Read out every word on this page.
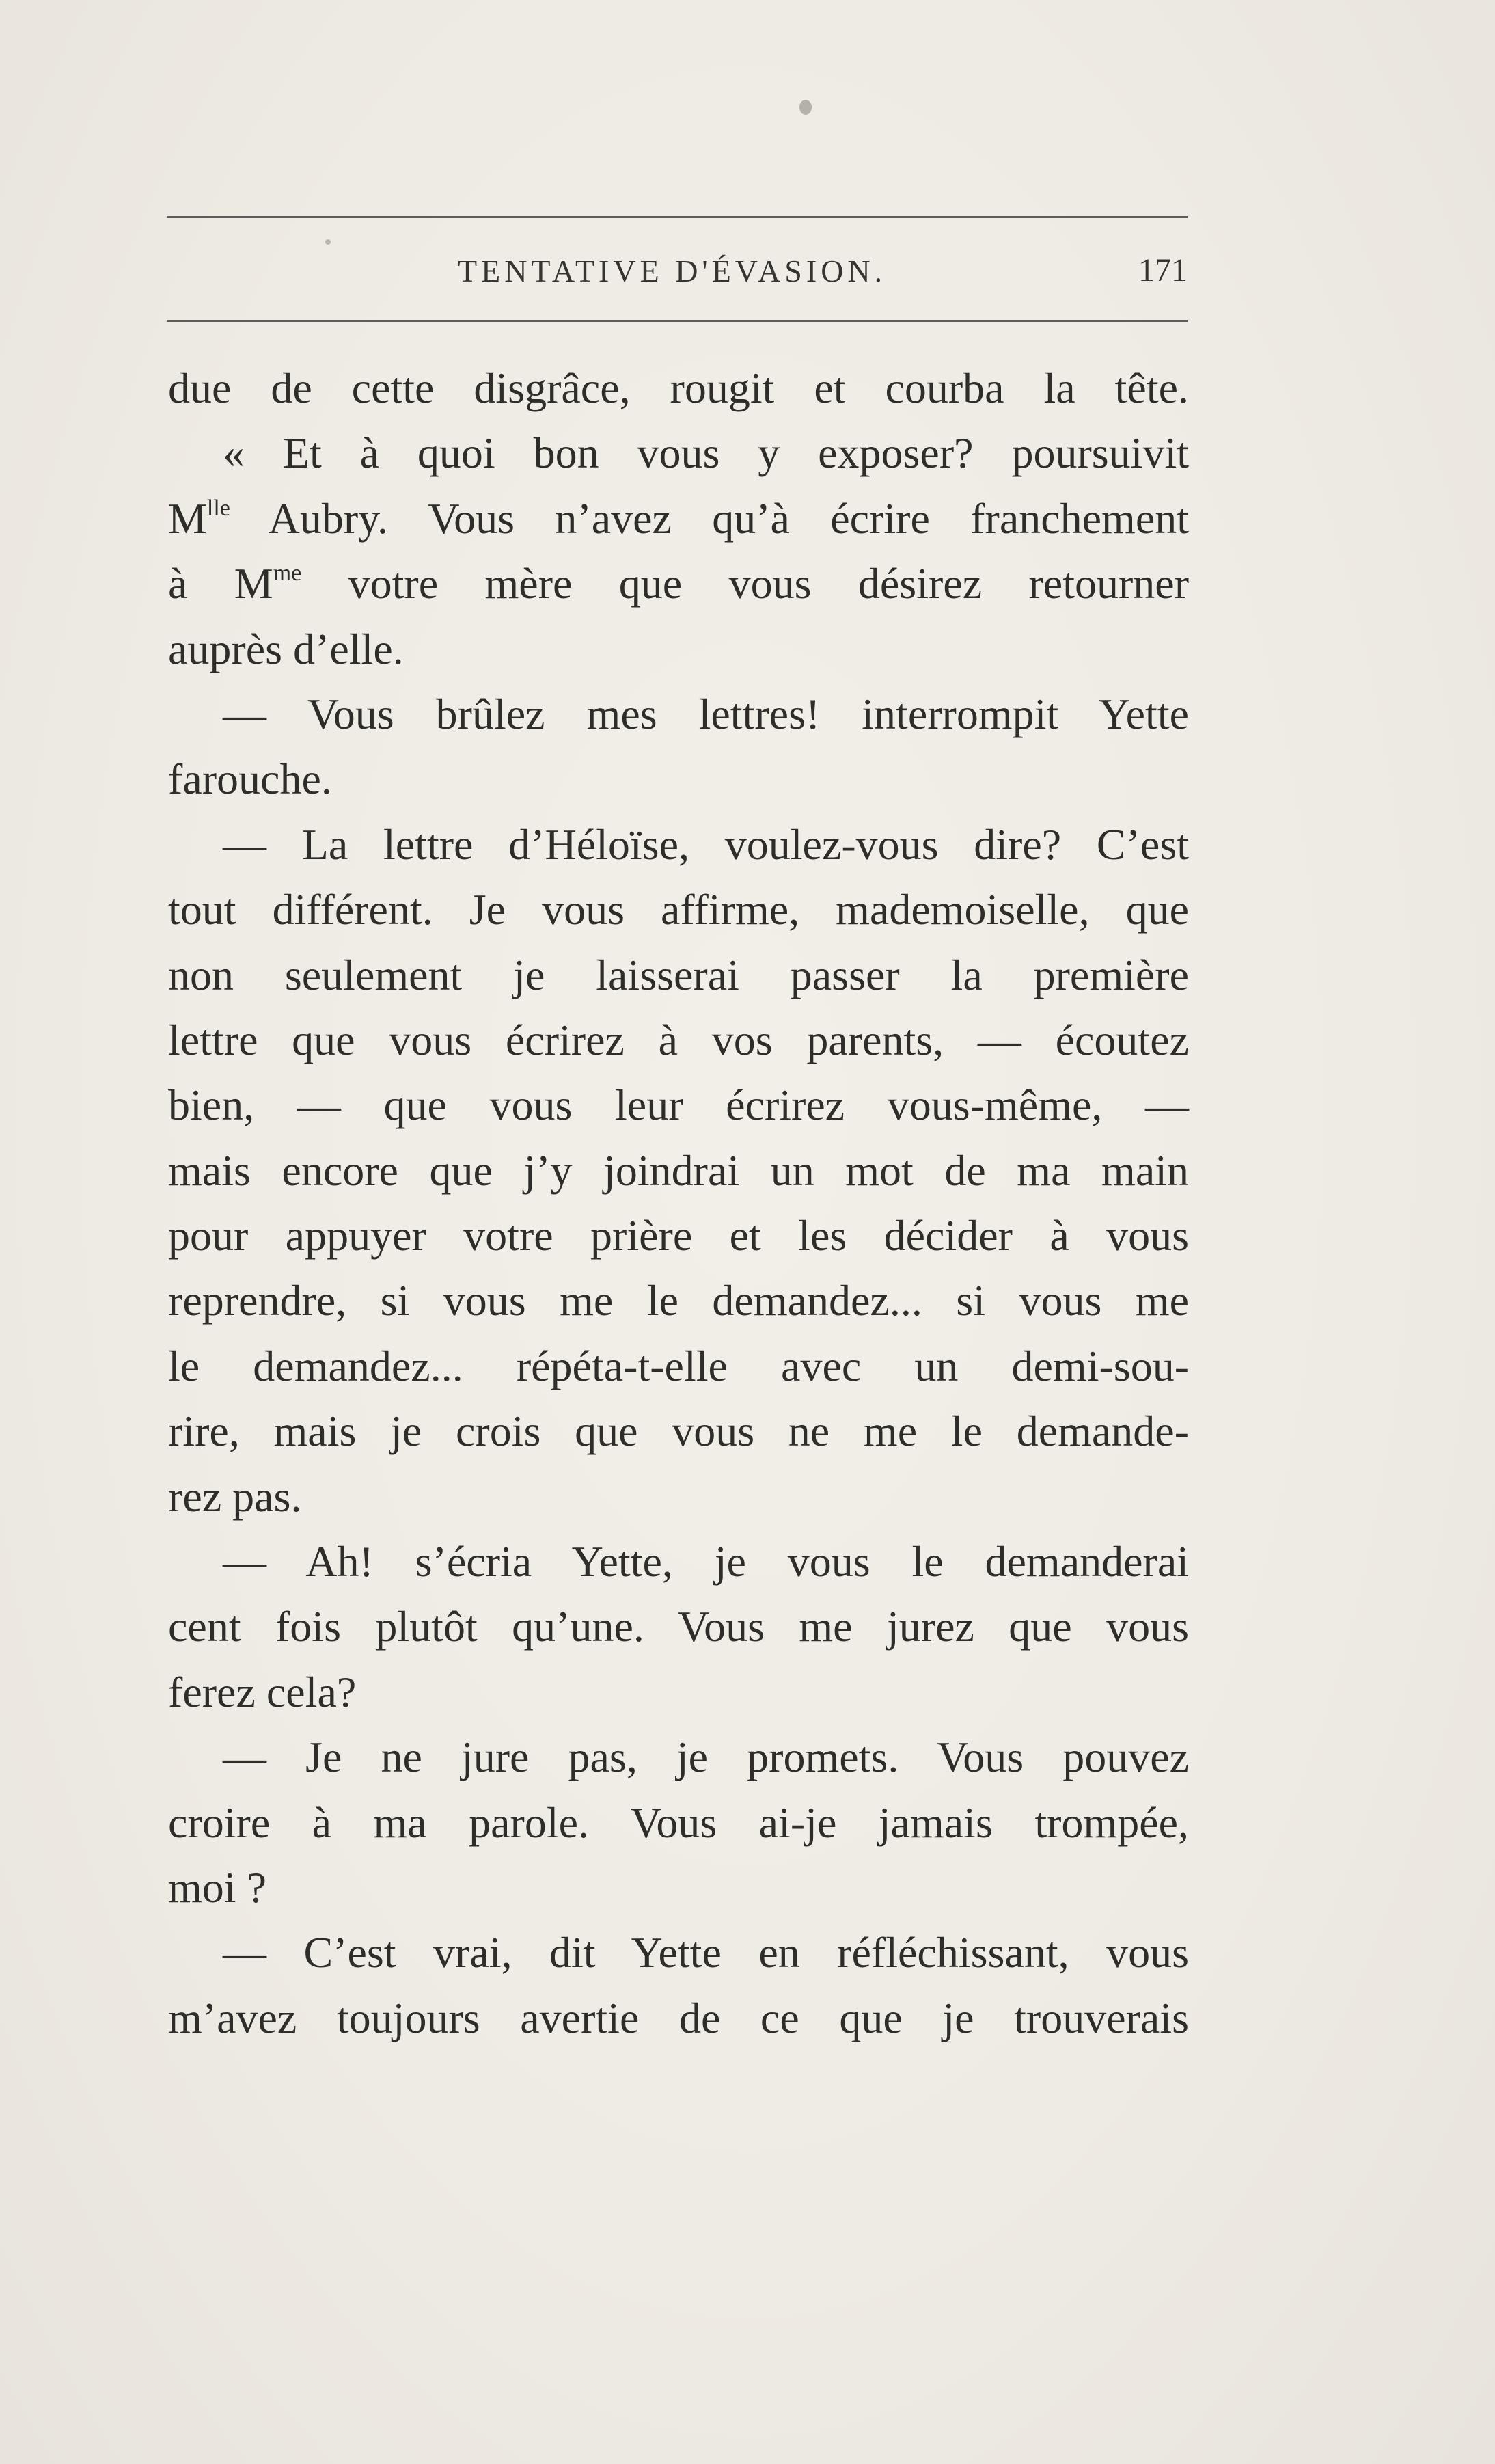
TENTATIVE D'ÉVASION.	171
due de cette disgrâce, rougit et courba la tête.
« Et à quoi bon vous y exposer? poursuivit
$M^{lle}$ Aubry. Vous n’avez qu’à écrire franchement
à $M^{me}$ votre mère que vous désirez retourner
auprès d’elle.
— Vous brûlez mes lettres! interrompit Yette
farouche.
— La lettre d’Héloïse, voulez-vous dire? C’est
tout différent. Je vous affirme, mademoiselle, que
non seulement je laisserai passer la première
lettre que vous écrirez à vos parents, — écoutez
bien, — que vous leur écrirez vous-même, —
mais encore que j’y joindrai un mot de ma main
pour appuyer votre prière et les décider à vous
reprendre, si vous me le demandez... si vous me
le demandez... répéta-t-elle avec un demi-sou-
rire, mais je crois que vous ne me le demande-
rez pas.
— Ah! s’écria Yette, je vous le demanderai
cent fois plutôt qu’une. Vous me jurez que vous
ferez cela?
— Je ne jure pas, je promets. Vous pouvez
croire à ma parole. Vous ai-je jamais trompée,
moi ?
— C’est vrai, dit Yette en réfléchissant, vous
m’avez toujours avertie de ce que je trouverais
